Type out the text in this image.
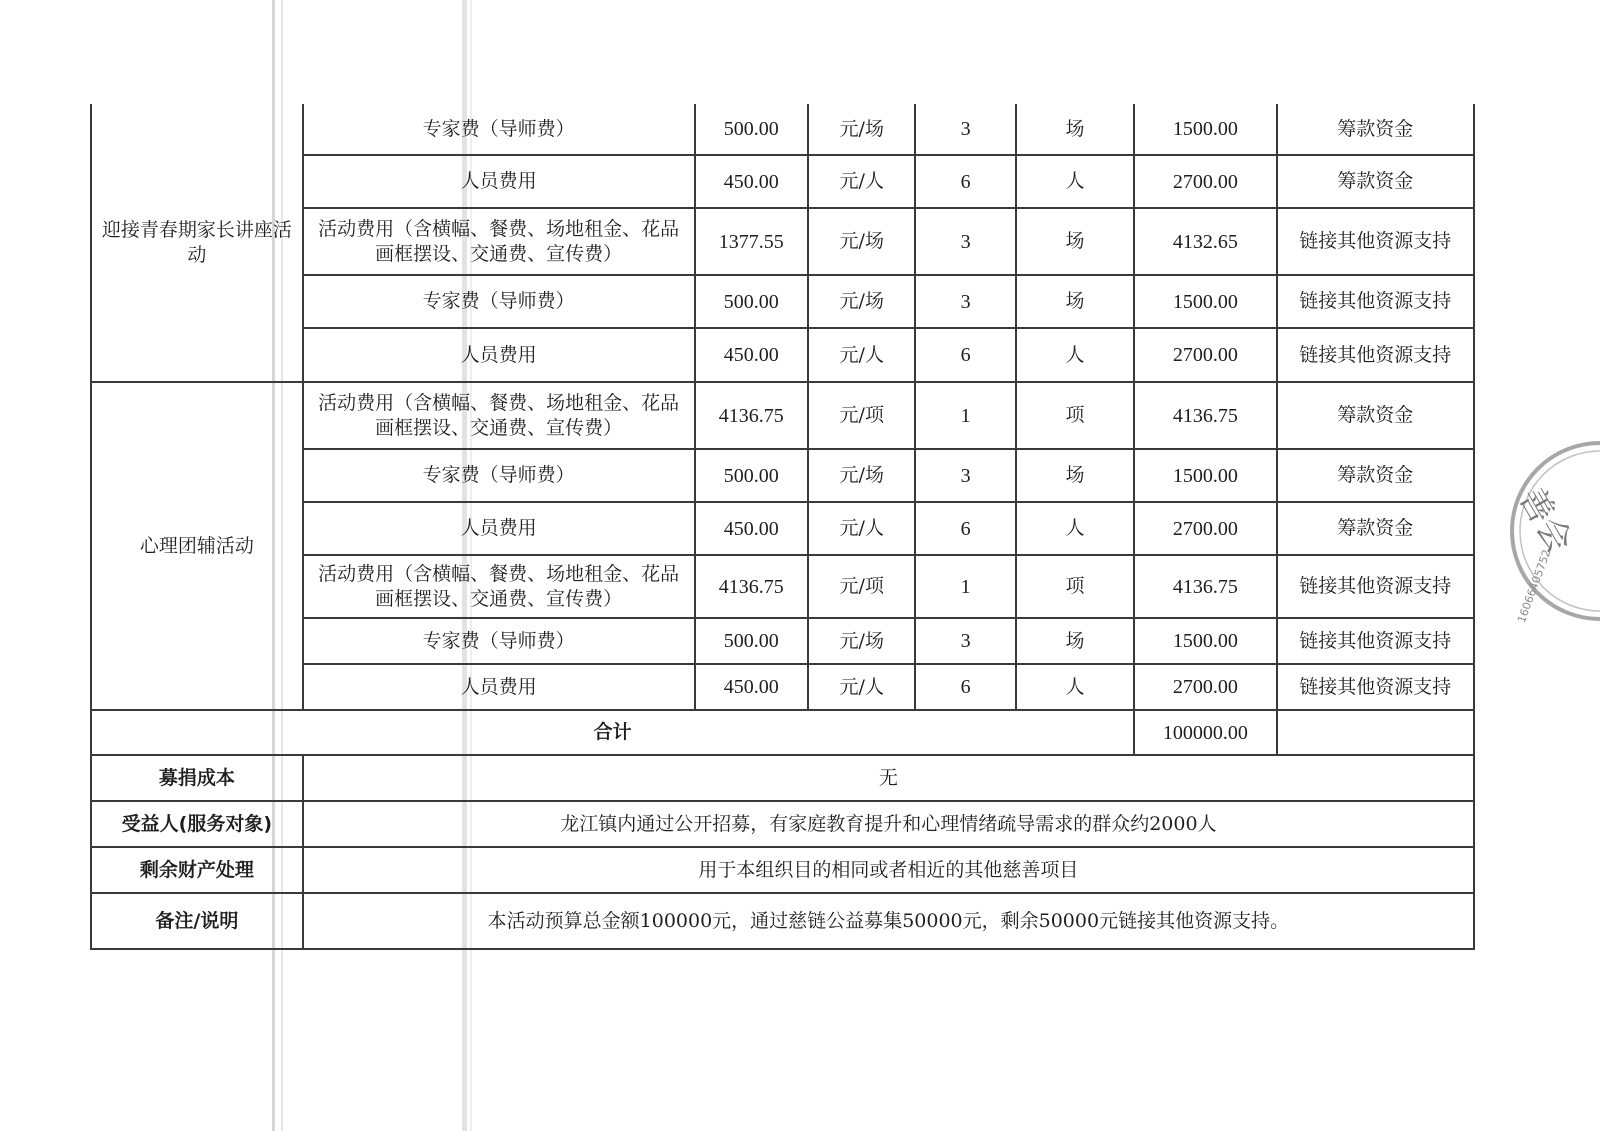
迎接青春期家长讲座活动	专家费（导师费）	500.00	元/场	3	场	1500.00	筹款资金
	人员费用	450.00	元/人	6	人	2700.00	筹款资金
	活动费用（含横幅、餐费、场地租金、花品画框摆设、交通费、宣传费）	1377.55	元/场	3	场	4132.65	链接其他资源支持
	专家费（导师费）	500.00	元/场	3	场	1500.00	链接其他资源支持
	人员费用	450.00	元/人	6	人	2700.00	链接其他资源支持
心理团辅活动	活动费用（含横幅、餐费、场地租金、花品画框摆设、交通费、宣传费）	4136.75	元/项	1	项	4136.75	筹款资金
	专家费（导师费）	500.00	元/场	3	场	1500.00	筹款资金
	人员费用	450.00	元/人	6	人	2700.00	筹款资金
	活动费用（含横幅、餐费、场地租金、花品画框摆设、交通费、宣传费）	4136.75	元/项	1	项	4136.75	链接其他资源支持
	专家费（导师费）	500.00	元/场	3	场	1500.00	链接其他资源支持
	人员费用	450.00	元/人	6	人	2700.00	链接其他资源支持
合计						100000.00	
募捐成本	无						
受益人(服务对象)	龙江镇内通过公开招募，有家庭教育提升和心理情绪疏导需求的群众约2000人						
剩余财产处理	用于本组织目的相同或者相近的其他慈善项目						
备注/说明	本活动预算总金额100000元，通过慈链公益募集50000元，剩余50000元链接其他资源支持。						
善会
16066405752
